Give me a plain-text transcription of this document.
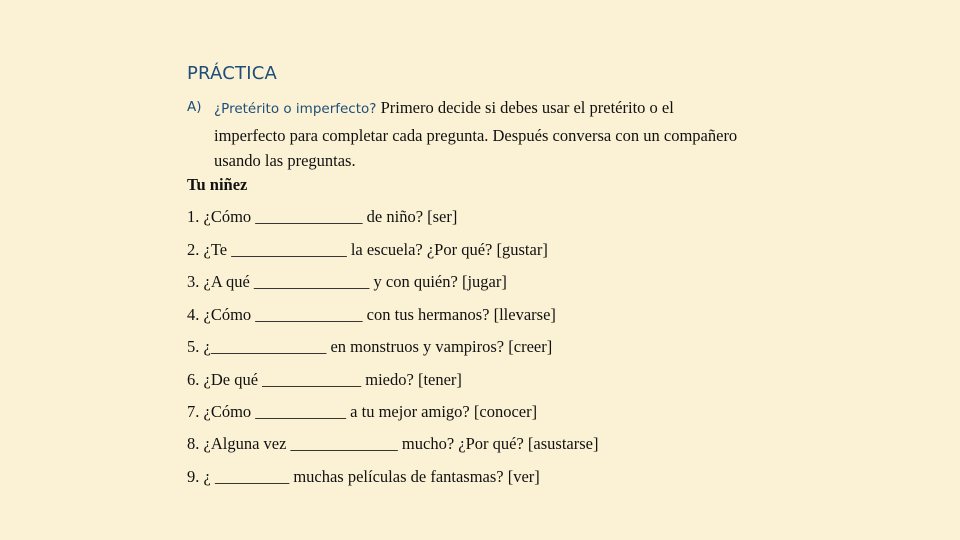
PRÁCTICA
A) ¿Pretérito o imperfecto? Primero decide si debes usar el pretérito o el imperfecto para completar cada pregunta. Después conversa con un compañero usando las preguntas.
Tu niñez
1. ¿Cómo _____________ de niño? [ser]
2. ¿Te ______________ la escuela? ¿Por qué? [gustar]
3. ¿A qué ______________ y con quién? [jugar]
4. ¿Cómo _____________ con tus hermanos? [llevarse]
5. ¿______________ en monstruos y vampiros? [creer]
6. ¿De qué ____________ miedo? [tener]
7. ¿Cómo ___________ a tu mejor amigo? [conocer]
8. ¿Alguna vez _____________ mucho? ¿Por qué? [asustarse]
9. ¿ _________ muchas películas de fantasmas? [ver]
